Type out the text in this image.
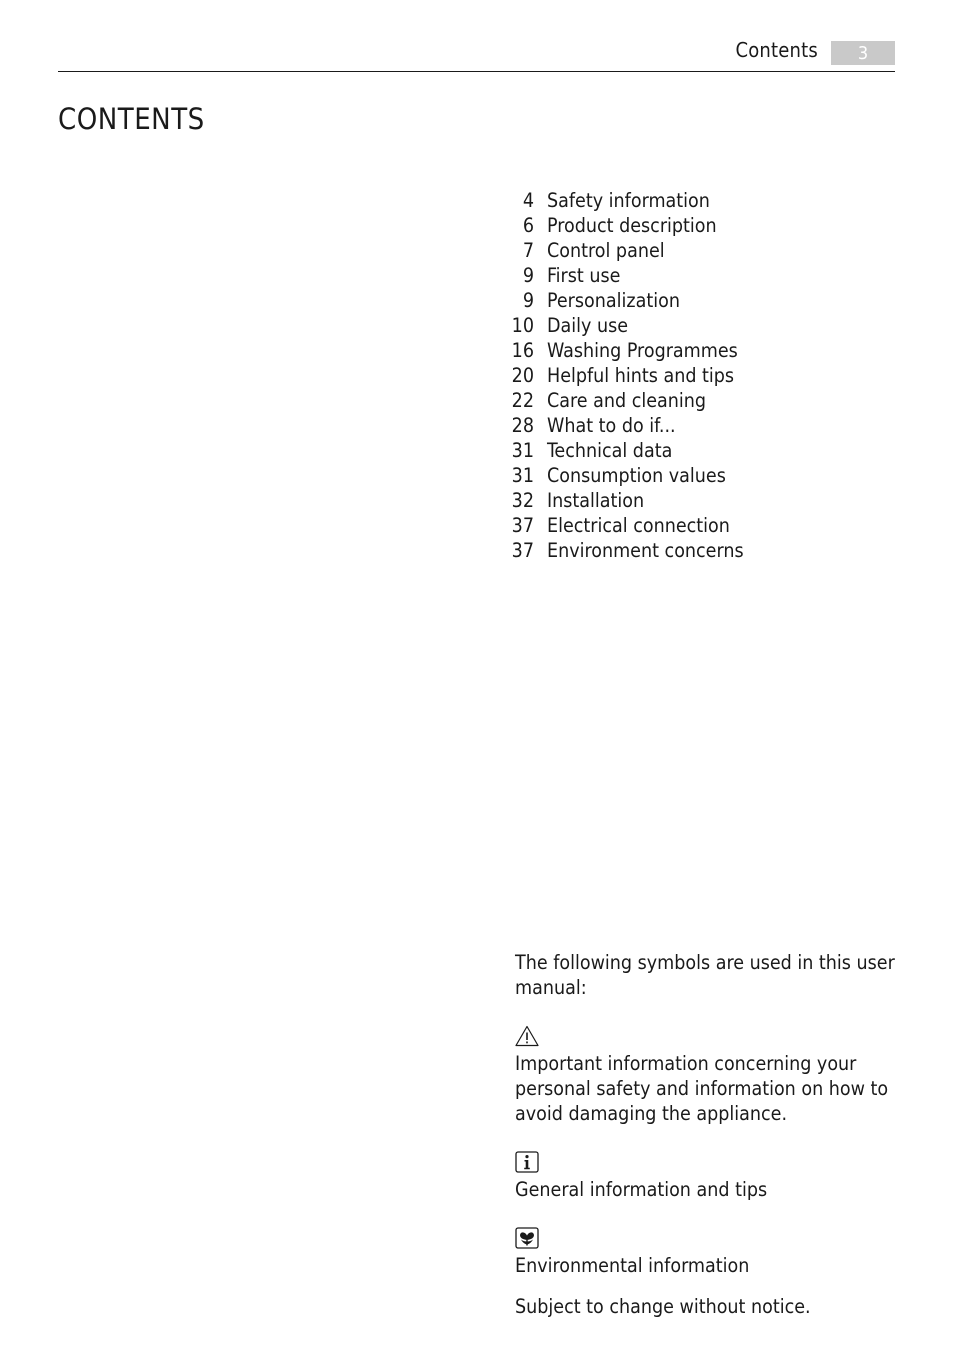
Contents	3
CONTENTS
4 Safety information
6 Product description
7 Control panel
9 First use
9 Personalization
10 Daily use
16 Washing Programmes
20 Helpful hints and tips
22 Care and cleaning
28 What to do if...
31 Technical data
31 Consumption values
32 Installation
37 Electrical connection
37 Environment concerns

The following symbols are used in this user manual:

Important information concerning your personal safety and information on how to avoid damaging the appliance.

General information and tips

Environmental information

Subject to change without notice.
